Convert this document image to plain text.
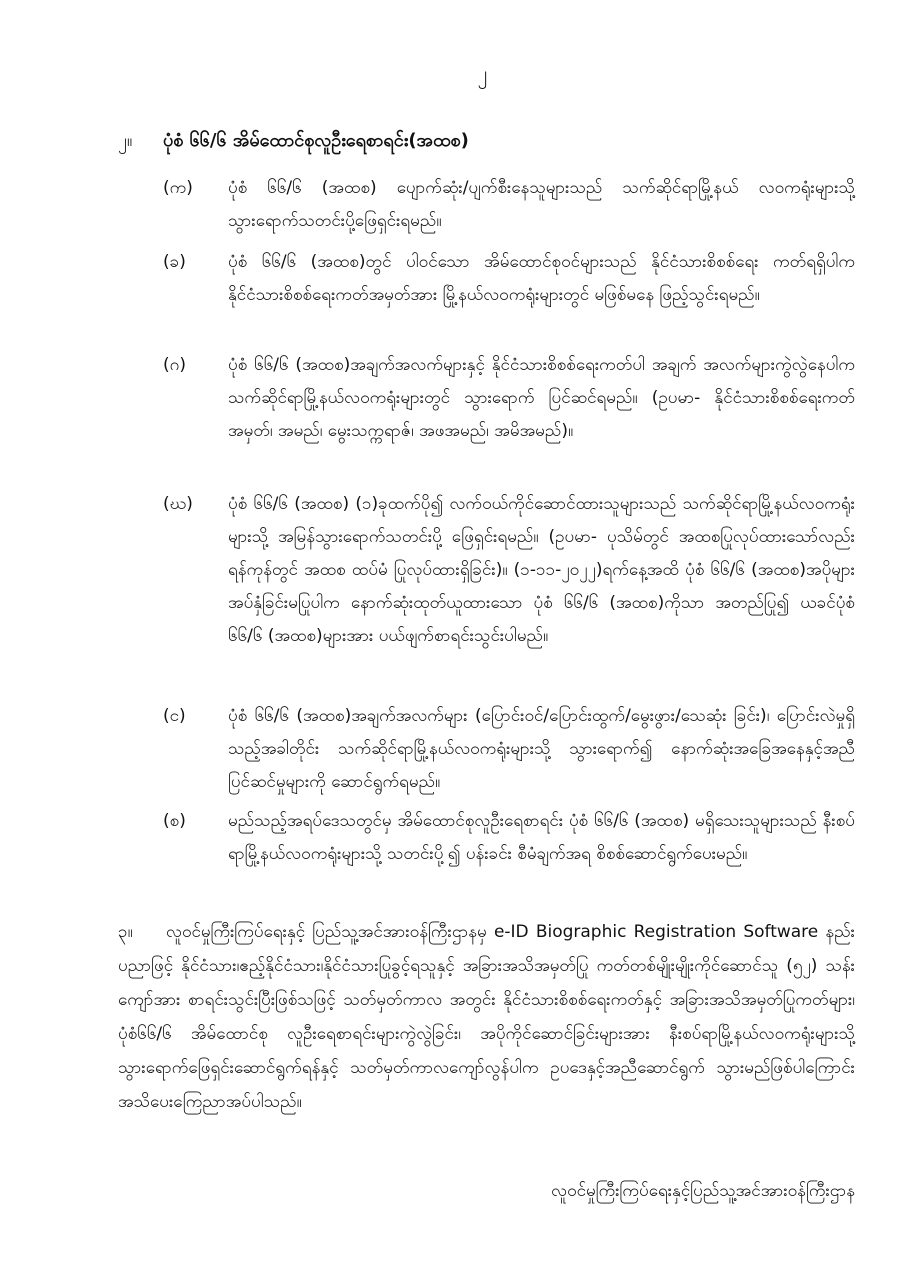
၂
၂။ ပုံစံ ၆၆/၆ အိမ်ထောင်စုလူဦးရေစာရင်း(အထစ)
(က)	ပုံစံ ၆၆/၆ (အထစ) ပျောက်ဆုံး/ပျက်စီးနေသူများသည် သက်ဆိုင်ရာမြို့နယ် လဝကရုံးများသို့ သွားရောက်သတင်းပို့ဖြေရှင်းရမည်။
(ခ)	ပုံစံ ၆၆/၆ (အထစ)တွင် ပါဝင်သော အိမ်ထောင်စုဝင်များသည် နိုင်ငံသားစိစစ်ရေး ကတ်ရရှိပါက နိုင်ငံသားစိစစ်ရေးကတ်အမှတ်အား မြို့နယ်လဝကရုံးများတွင် မဖြစ်မနေ ဖြည့်သွင်းရမည်။
(ဂ)	ပုံစံ ၆၆/၆ (အထစ)အချက်အလက်များနှင့် နိုင်ငံသားစိစစ်ရေးကတ်ပါ အချက် အလက်များကွဲလွဲနေပါက သက်ဆိုင်ရာမြို့နယ်လဝကရုံးများတွင် သွားရောက် ပြင်ဆင်ရမည်။ (ဥပမာ- နိုင်ငံသားစိစစ်ရေးကတ်အမှတ်၊ အမည်၊ မွေးသက္ကရာဇ်၊ အဖအမည်၊ အမိအမည်)။
(ဃ)	ပုံစံ ၆၆/၆ (အထစ) (၁)ခုထက်ပို၍ လက်ဝယ်ကိုင်ဆောင်ထားသူများသည် သက်ဆိုင်ရာမြို့နယ်လဝကရုံးများသို့ အမြန်သွားရောက်သတင်းပို့ ဖြေရှင်းရမည်။ (ဥပမာ- ပုသိမ်တွင် အထစပြုလုပ်ထားသော်လည်း ရန်ကုန်တွင် အထစ ထပ်မံ ပြုလုပ်ထားရှိခြင်း)။ (၁-၁၁-၂၀၂၂)ရက်နေ့အထိ ပုံစံ ၆၆/၆ (အထစ)အပိုများ အပ်နှံခြင်းမပြုပါက နောက်ဆုံးထုတ်ယူထားသော ပုံစံ ၆၆/၆ (အထစ)ကိုသာ အတည်ပြု၍ ယခင်ပုံစံ ၆၆/၆ (အထစ)များအား ပယ်ဖျက်စာရင်းသွင်းပါမည်။
(င)	ပုံစံ ၆၆/၆ (အထစ)အချက်အလက်များ (ပြောင်းဝင်/ပြောင်းထွက်/မွေးဖွား/သေဆုံး ခြင်း)၊ ပြောင်းလဲမှုရှိသည့်အခါတိုင်း သက်ဆိုင်ရာမြို့နယ်လဝကရုံးများသို့ သွားရောက်၍ နောက်ဆုံးအခြေအနေနှင့်အညီ ပြင်ဆင်မှုများကို ဆောင်ရွက်ရမည်။
(စ)	မည်သည့်အရပ်ဒေသတွင်မှ အိမ်ထောင်စုလူဦးရေစာရင်း ပုံစံ ၆၆/၆ (အထစ) မရှိသေးသူများသည် နီးစပ်ရာမြို့နယ်လဝကရုံးများသို့ သတင်းပို့၍ ပန်းခင်း စီမံချက်အရ စိစစ်ဆောင်ရွက်ပေးမည်။
၃။ လူဝင်မှုကြီးကြပ်ရေးနှင့် ပြည်သူ့အင်အားဝန်ကြီးဌာနမှ e-ID Biographic Registration Software နည်းပညာဖြင့် နိုင်ငံသား၊ဧည့်နိုင်ငံသား၊နိုင်ငံသားပြုခွင့်ရသူနှင့် အခြားအသိအမှတ်ပြု ကတ်တစ်မျိုးမျိုးကိုင်ဆောင်သူ (၅၂) သန်းကျော်အား စာရင်းသွင်းပြီးဖြစ်သဖြင့် သတ်မှတ်ကာလ အတွင်း နိုင်ငံသားစိစစ်ရေးကတ်နှင့် အခြားအသိအမှတ်ပြုကတ်များ၊ ပုံစံ၆၆/၆ အိမ်ထောင်စု လူဦးရေစာရင်းများကွဲလွဲခြင်း၊ အပိုကိုင်ဆောင်ခြင်းများအား နီးစပ်ရာမြို့နယ်လဝကရုံးများသို့ သွားရောက်ဖြေရှင်းဆောင်ရွက်ရန်နှင့် သတ်မှတ်ကာလကျော်လွန်ပါက ဥပဒေနှင့်အညီဆောင်ရွက် သွားမည်ဖြစ်ပါကြောင်း အသိပေးကြေညာအပ်ပါသည်။
လူဝင်မှုကြီးကြပ်ရေးနှင့်ပြည်သူ့အင်အားဝန်ကြီးဌာန
